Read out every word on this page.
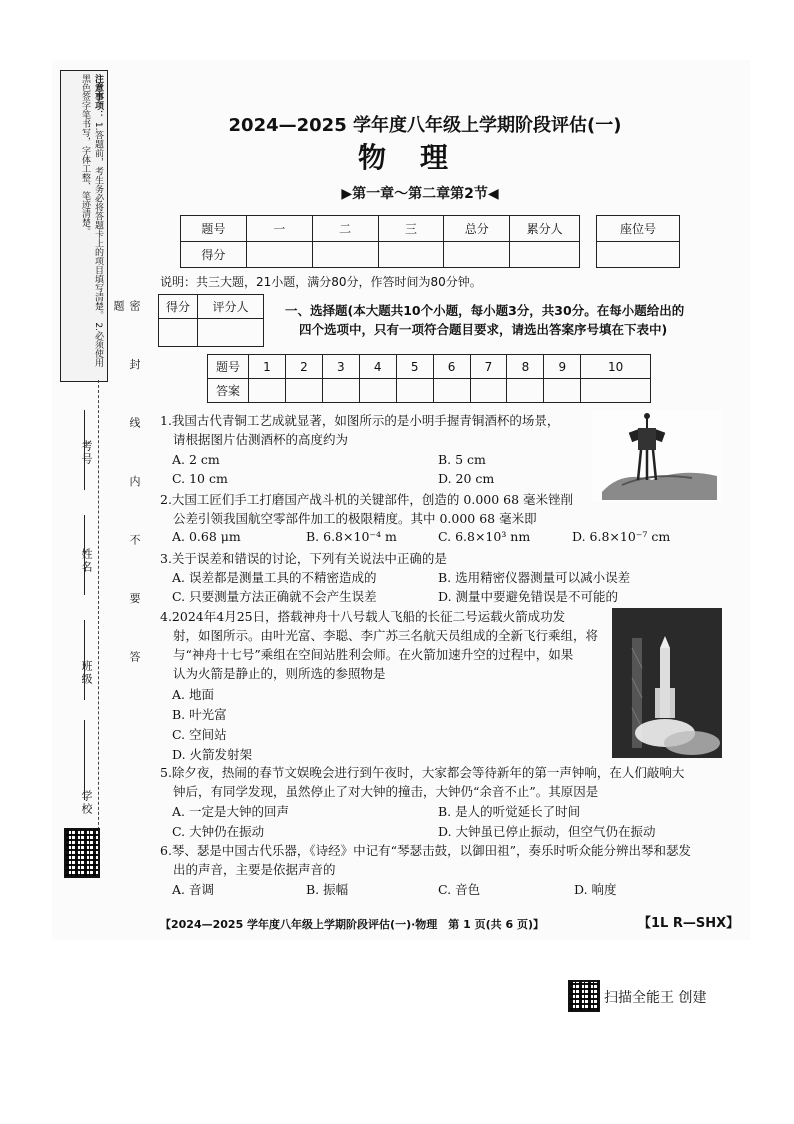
注意事项： 1.答题前，考生务必将答题卡上的项目填写清楚。 2.必须使用黑色签字笔书写，字体工整、笔迹清楚。
密 封 线 内 不 要 答 题
考号
姓名
班级
学校
2024—2025 学年度八年级上学期阶段评估(一)
物理
▶第一章～第二章第2节◀
题号	一	二	三	总分	累分人
得分					
座位号

说明：共三大题，21小题，满分80分，作答时间为80分钟。
得分	评分人
		一、选择题(本大题共10个小题，每小题3分，共30分。在每小题给出的
四个选项中，只有一项符合题目要求，请选出答案序号填在下表中)
题号	1	2	3	4	5	6	7	8	9	10
答案										
1.我国古代青铜工艺成就显著，如图所示的是小明手握青铜酒杯的场景，
请根据图片估测酒杯的高度约为
A. 2 cm	B. 5 cm
C. 10 cm	D. 20 cm
2.大国工匠们手工打磨国产战斗机的关键部件，创造的 0.000 68 毫米锉削
公差引领我国航空零部件加工的极限精度。其中 0.000 68 毫米即
A. 0.68 μm	B. 6.8×10⁻⁴ m	C. 6.8×10³ nm	D. 6.8×10⁻⁷ cm
3.关于误差和错误的讨论，下列有关说法中正确的是
A. 误差都是测量工具的不精密造成的	B. 选用精密仪器测量可以减小误差
C. 只要测量方法正确就不会产生误差	D. 测量中要避免错误是不可能的
4.2024年4月25日，搭载神舟十八号载人飞船的长征二号运载火箭成功发
射，如图所示。由叶光富、李聪、李广苏三名航天员组成的全新飞行乘组，将
与“神舟十七号”乘组在空间站胜利会师。在火箭加速升空的过程中，如果
认为火箭是静止的，则所选的参照物是
A. 地面
B. 叶光富
C. 空间站
D. 火箭发射架
5.除夕夜，热闹的春节文娱晚会进行到午夜时，大家都会等待新年的第一声钟响，在人们敲响大
钟后，有同学发现，虽然停止了对大钟的撞击，大钟仍“余音不止”。其原因是
A. 一定是大钟的回声	B. 是人的听觉延长了时间
C. 大钟仍在振动	D. 大钟虽已停止振动，但空气仍在振动
6.琴、瑟是中国古代乐器，《诗经》中记有“琴瑟击鼓，以御田祖”，奏乐时听众能分辨出琴和瑟发
出的声音，主要是依据声音的
A. 音调	B. 振幅	C. 音色	D. 响度
【2024—2025 学年度八年级上学期阶段评估(一)·物理　第 1 页(共 6 页)】	【1L R—SHX】
扫描全能王 创建
